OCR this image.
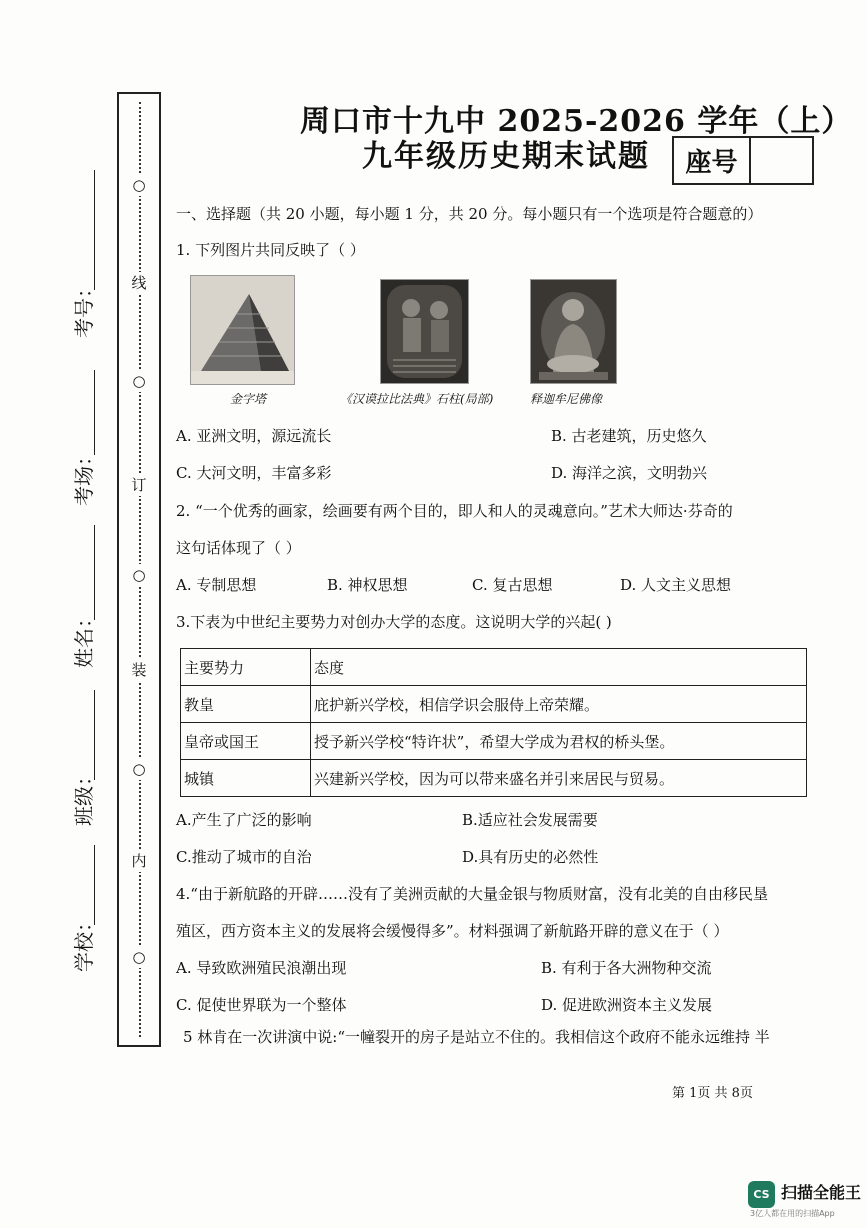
○
线
○
订
○
装
○
内
○
考号：
考场：
姓名：
班级：
学校：
周口市十九中 2025-2026 学年（上）
九年级历史期末试题	座号
一、选择题（共 20 小题，每小题 1 分，共 20 分。每小题只有一个选项是符合题意的）
1. 下列图片共同反映了（ ）
金字塔	《汉谟拉比法典》石柱(局部)	释迦牟尼佛像
A. 亚洲文明，源远流长	B. 古老建筑，历史悠久
C. 大河文明，丰富多彩	D. 海洋之滨，文明勃兴
2. “一个优秀的画家，绘画要有两个目的，即人和人的灵魂意向。”艺术大师达·芬奇的
这句话体现了（ ）
A. 专制思想	B. 神权思想	C. 复古思想	D. 人文主义思想
3.下表为中世纪主要势力对创办大学的态度。这说明大学的兴起( )
主要势力	态度
教皇	庇护新兴学校，相信学识会服侍上帝荣耀。
皇帝或国王	授予新兴学校“特许状”，希望大学成为君权的桥头堡。
城镇	兴建新兴学校，因为可以带来盛名并引来居民与贸易。
A.产生了广泛的影响	B.适应社会发展需要
C.推动了城市的自治	D.具有历史的必然性
4.“由于新航路的开辟……没有了美洲贡献的大量金银与物质财富，没有北美的自由移民垦
殖区，西方资本主义的发展将会缓慢得多”。材料强调了新航路开辟的意义在于（ ）
A. 导致欧洲殖民浪潮出现	B. 有利于各大洲物种交流
C. 促使世界联为一个整体	D. 促进欧洲资本主义发展
5 林肯在一次讲演中说:“一幢裂开的房子是站立不住的。我相信这个政府不能永远维持 半
第 1页 共 8页
CS 扫描全能王
3亿人都在用的扫描App
